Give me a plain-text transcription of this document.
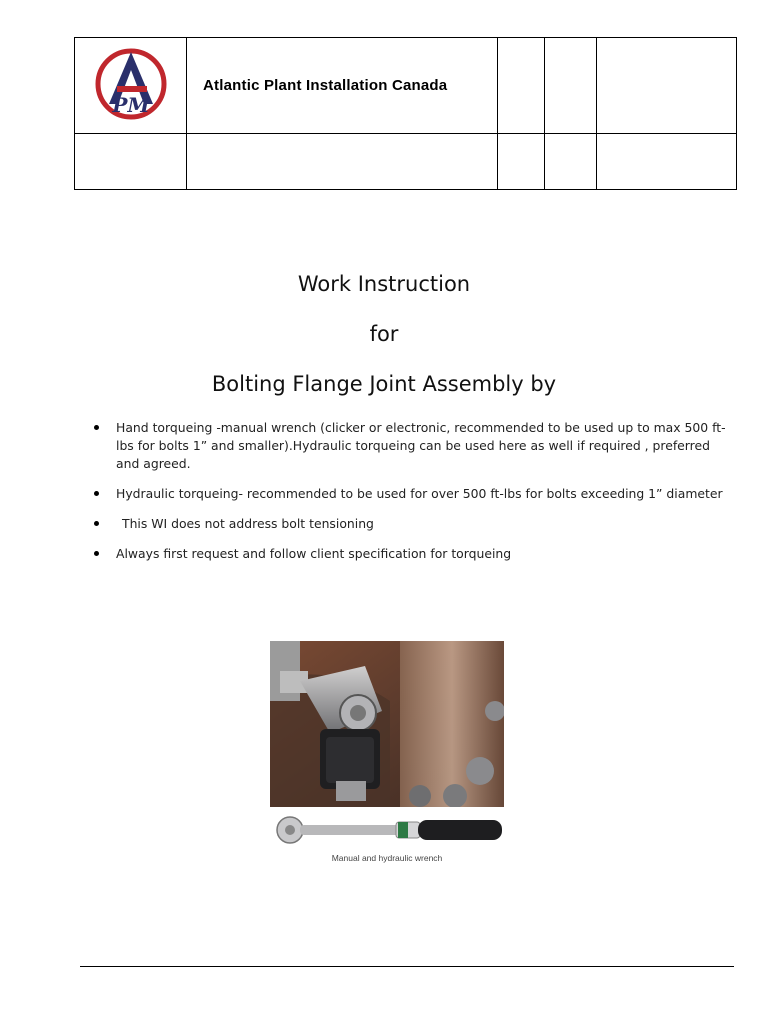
PM	Atlantic Plant Installation Canada			

Work Instruction
for
Bolting Flange Joint Assembly by
Hand torqueing -manual wrench (clicker or electronic, recommended to be used up to max 500 ft-lbs for bolts 1” and smaller).Hydraulic torqueing can be used here as well if required , preferred and agreed.
Hydraulic torqueing- recommended to be used for over 500 ft-lbs for bolts exceeding 1” diameter
This WI does not address bolt tensioning
Always first request and follow client specification for torqueing
Manual and hydraulic wrench
